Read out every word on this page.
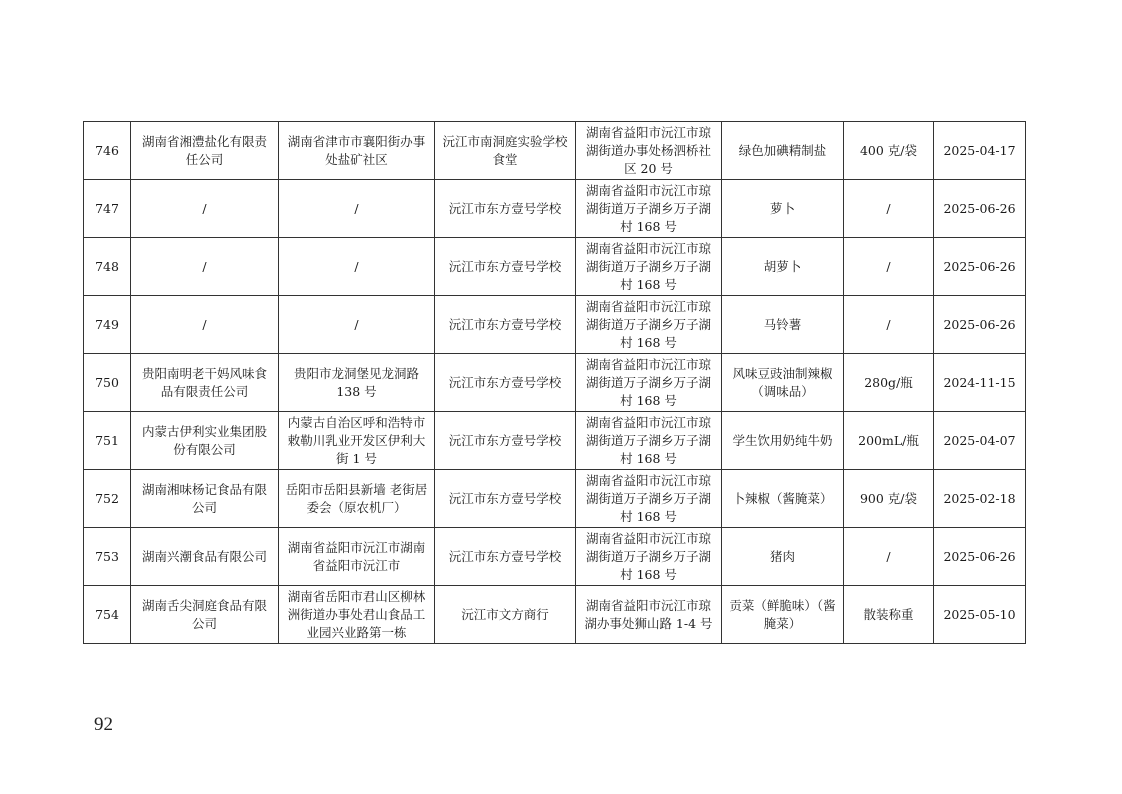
746	湖南省湘澧盐化有限责任公司	湖南省津市市襄阳街办事处盐矿社区	沅江市南洞庭实验学校食堂	湖南省益阳市沅江市琼湖街道办事处杨泗桥社区 20 号	绿色加碘精制盐	400 克/袋	2025-04-17
747	/	/	沅江市东方壹号学校	湖南省益阳市沅江市琼湖街道万子湖乡万子湖村 168 号	萝卜	/	2025-06-26
748	/	/	沅江市东方壹号学校	湖南省益阳市沅江市琼湖街道万子湖乡万子湖村 168 号	胡萝卜	/	2025-06-26
749	/	/	沅江市东方壹号学校	湖南省益阳市沅江市琼湖街道万子湖乡万子湖村 168 号	马铃薯	/	2025-06-26
750	贵阳南明老干妈风味食品有限责任公司	贵阳市龙洞堡见龙洞路 138 号	沅江市东方壹号学校	湖南省益阳市沅江市琼湖街道万子湖乡万子湖村 168 号	风味豆豉油制辣椒（调味品）	280g/瓶	2024-11-15
751	内蒙古伊利实业集团股份有限公司	内蒙古自治区呼和浩特市敕勒川乳业开发区伊利大街 1 号	沅江市东方壹号学校	湖南省益阳市沅江市琼湖街道万子湖乡万子湖村 168 号	学生饮用奶纯牛奶	200mL/瓶	2025-04-07
752	湖南湘味杨记食品有限公司	岳阳市岳阳县新墙 老街居委会（原农机厂）	沅江市东方壹号学校	湖南省益阳市沅江市琼湖街道万子湖乡万子湖村 168 号	卜辣椒（酱腌菜）	900 克/袋	2025-02-18
753	湖南兴潮食品有限公司	湖南省益阳市沅江市湖南省益阳市沅江市	沅江市东方壹号学校	湖南省益阳市沅江市琼湖街道万子湖乡万子湖村 168 号	猪肉	/	2025-06-26
754	湖南舌尖洞庭食品有限公司	湖南省岳阳市君山区柳林洲街道办事处君山食品工业园兴业路第一栋	沅江市文方商行	湖南省益阳市沅江市琼湖办事处狮山路 1-4 号	贡菜（鲜脆味）（酱腌菜）	散装称重	2025-05-10
92
